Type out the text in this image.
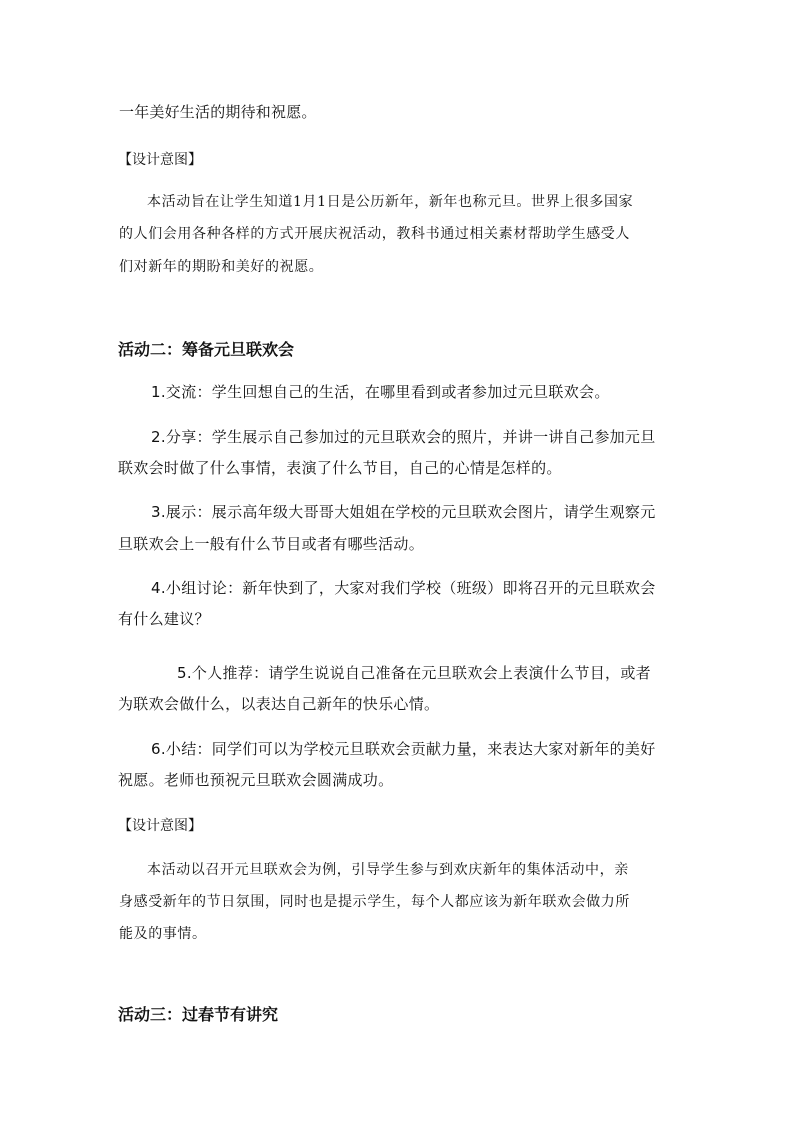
一年美好生活的期待和祝愿。
【设计意图】
本活动旨在让学生知道1月1日是公历新年，新年也称元旦。世界上很多国家
的人们会用各种各样的方式开展庆祝活动，教科书通过相关素材帮助学生感受人
们对新年的期盼和美好的祝愿。
活动二：筹备元旦联欢会
1.交流：学生回想自己的生活，在哪里看到或者参加过元旦联欢会。
2.分享：学生展示自己参加过的元旦联欢会的照片，并讲一讲自己参加元旦
联欢会时做了什么事情，表演了什么节目，自己的心情是怎样的。
3.展示：展示高年级大哥哥大姐姐在学校的元旦联欢会图片，请学生观察元
旦联欢会上一般有什么节目或者有哪些活动。
4.小组讨论：新年快到了，大家对我们学校（班级）即将召开的元旦联欢会
有什么建议？
5.个人推荐：请学生说说自己准备在元旦联欢会上表演什么节目，或者
为联欢会做什么，以表达自己新年的快乐心情。
6.小结：同学们可以为学校元旦联欢会贡献力量，来表达大家对新年的美好
祝愿。老师也预祝元旦联欢会圆满成功。
【设计意图】
本活动以召开元旦联欢会为例，引导学生参与到欢庆新年的集体活动中，亲
身感受新年的节日氛围，同时也是提示学生，每个人都应该为新年联欢会做力所
能及的事情。
活动三：过春节有讲究
